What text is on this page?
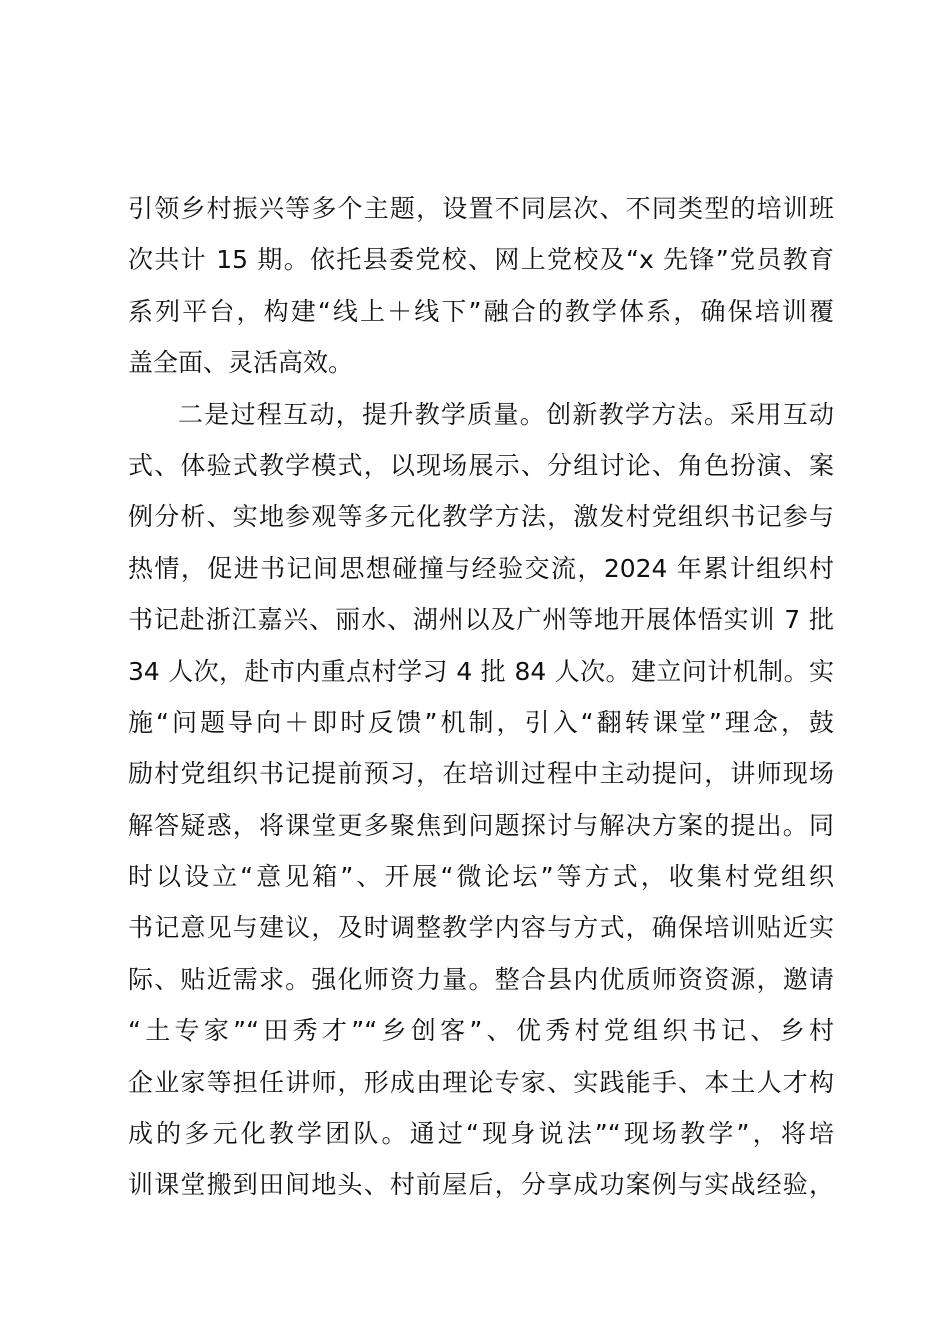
引领乡村振兴等多个主题，设置不同层次、不同类型的培训班
次共计 15 期。依托县委党校、网上党校及“x 先锋”党员教育
系列平台，构建“线上＋线下”融合的教学体系，确保培训覆
盖全面、灵活高效。
二是过程互动，提升教学质量。创新教学方法。采用互动
式、体验式教学模式，以现场展示、分组讨论、角色扮演、案
例分析、实地参观等多元化教学方法，激发村党组织书记参与
热情，促进书记间思想碰撞与经验交流，2024 年累计组织村
书记赴浙江嘉兴、丽水、湖州以及广州等地开展体悟实训 7 批
34 人次，赴市内重点村学习 4 批 84 人次。建立问计机制。实
施“问题导向＋即时反馈”机制，引入“翻转课堂”理念，鼓
励村党组织书记提前预习，在培训过程中主动提问，讲师现场
解答疑惑，将课堂更多聚焦到问题探讨与解决方案的提出。同
时以设立“意见箱”、开展“微论坛”等方式，收集村党组织
书记意见与建议，及时调整教学内容与方式，确保培训贴近实
际、贴近需求。强化师资力量。整合县内优质师资资源，邀请
“土专家”“田秀才”“乡创客”、优秀村党组织书记、乡村
企业家等担任讲师，形成由理论专家、实践能手、本土人才构
成的多元化教学团队。通过“现身说法”“现场教学”，将培
训课堂搬到田间地头、村前屋后，分享成功案例与实战经验，
